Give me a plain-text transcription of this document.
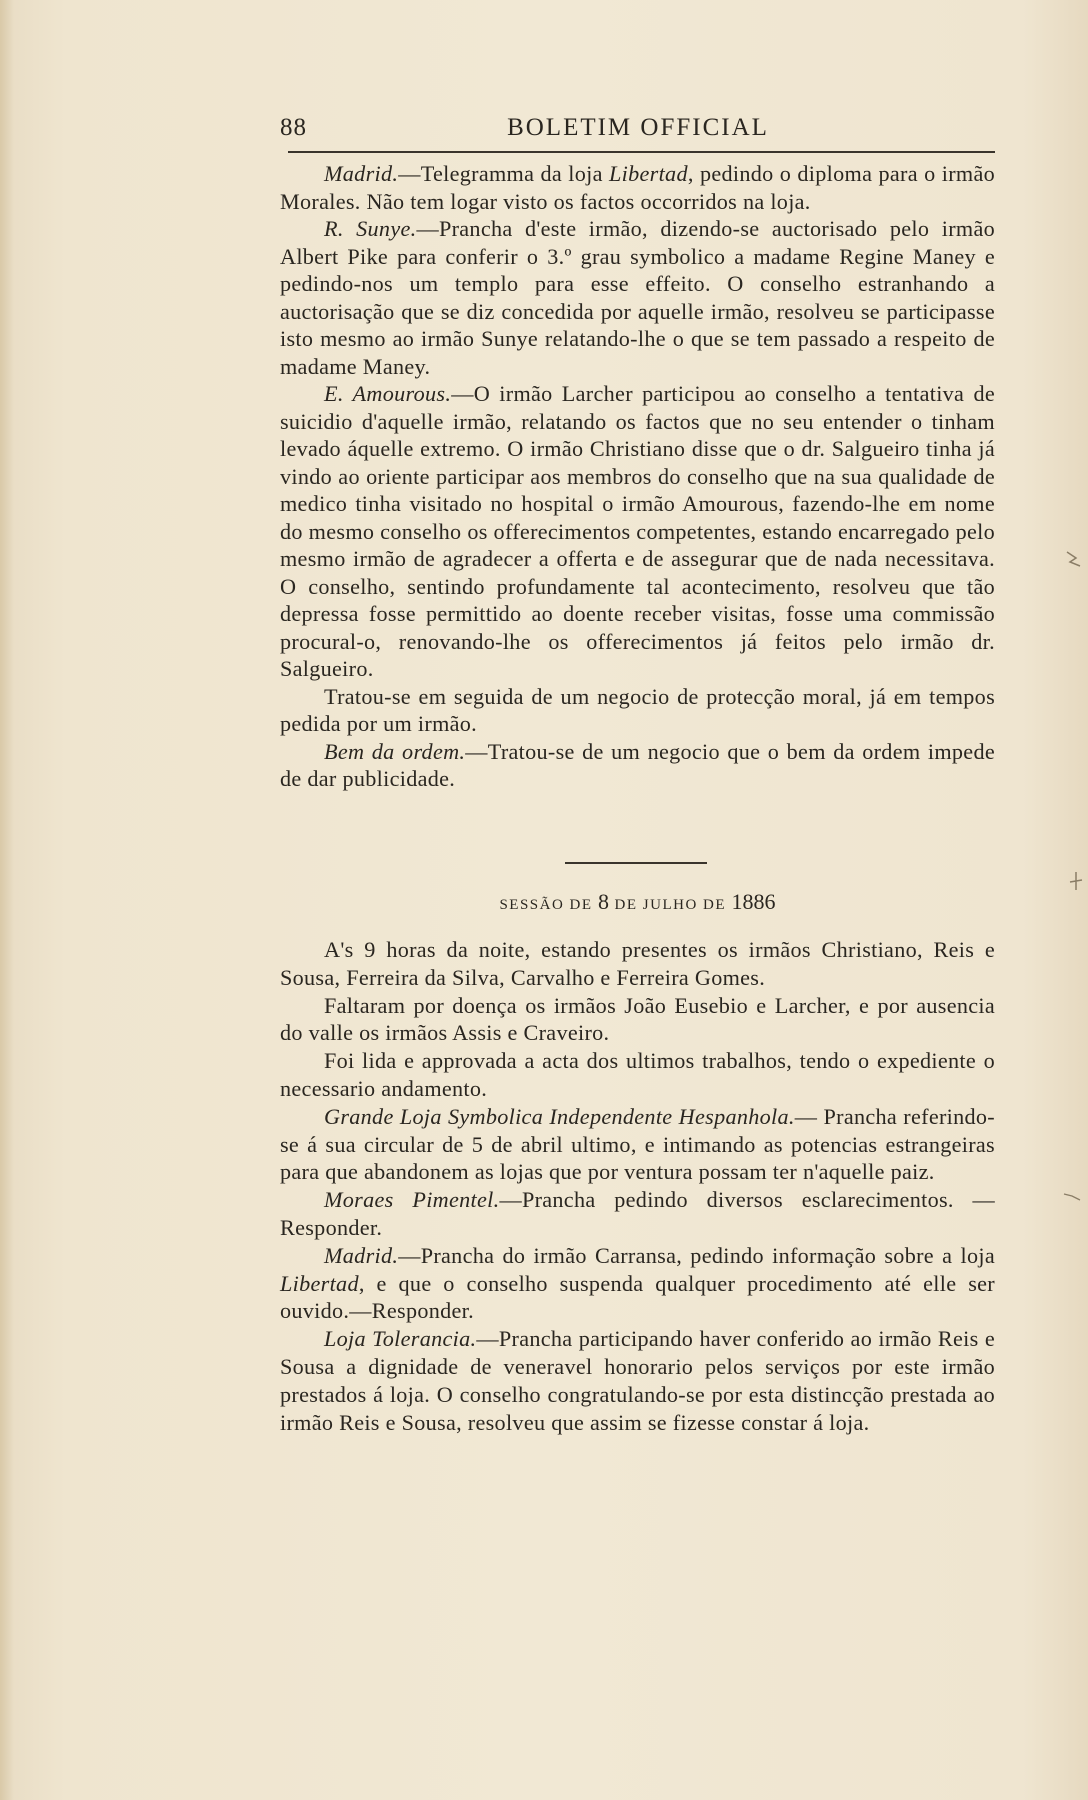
88	BOLETIM OFFICIAL

Madrid.—Telegramma da loja Libertad, pedindo o diploma para o irmão Morales. Não tem logar visto os factos occorridos na loja.

R. Sunye.—Prancha d'este irmão, dizendo-se auctorisado pelo irmão Albert Pike para conferir o 3.º grau symbolico a madame Regine Maney e pedindo-nos um templo para esse effeito. O conselho estranhando a auctorisação que se diz concedida por aquelle irmão, resolveu se participasse isto mesmo ao irmão Sunye relatando-lhe o que se tem passado a respeito de madame Maney.

E. Amourous.—O irmão Larcher participou ao conselho a tentativa de suicidio d'aquelle irmão, relatando os factos que no seu entender o tinham levado áquelle extremo. O irmão Christiano disse que o dr. Salgueiro tinha já vindo ao oriente participar aos membros do conselho que na sua qualidade de medico tinha visitado no hospital o irmão Amourous, fazendo-lhe em nome do mesmo conselho os offerecimentos competentes, estando encarregado pelo mesmo irmão de agradecer a offerta e de assegurar que de nada necessitava. O conselho, sentindo profundamente tal acontecimento, resolveu que tão depressa fosse permittido ao doente receber visitas, fosse uma commissão procural-o, renovando-lhe os offerecimentos já feitos pelo irmão dr. Salgueiro.

Tratou-se em seguida de um negocio de protecção moral, já em tempos pedida por um irmão.

Bem da ordem.—Tratou-se de um negocio que o bem da ordem impede de dar publicidade.

SESSÃO DE 8 DE JULHO DE 1886

A's 9 horas da noite, estando presentes os irmãos Christiano, Reis e Sousa, Ferreira da Silva, Carvalho e Ferreira Gomes.

Faltaram por doença os irmãos João Eusebio e Larcher, e por ausencia do valle os irmãos Assis e Craveiro.

Foi lida e approvada a acta dos ultimos trabalhos, tendo o expediente o necessario andamento.

Grande Loja Symbolica Independente Hespanhola.— Prancha referindo-se á sua circular de 5 de abril ultimo, e intimando as potencias estrangeiras para que abandonem as lojas que por ventura possam ter n'aquelle paiz.

Moraes Pimentel.—Prancha pedindo diversos esclarecimentos. — Responder.

Madrid.—Prancha do irmão Carransa, pedindo informação sobre a loja Libertad, e que o conselho suspenda qualquer procedimento até elle ser ouvido.—Responder.

Loja Tolerancia.—Prancha participando haver conferido ao irmão Reis e Sousa a dignidade de veneravel honorario pelos serviços por este irmão prestados á loja. O conselho congratulando-se por esta distincção prestada ao irmão Reis e Sousa, resolveu que assim se fizesse constar á loja.
